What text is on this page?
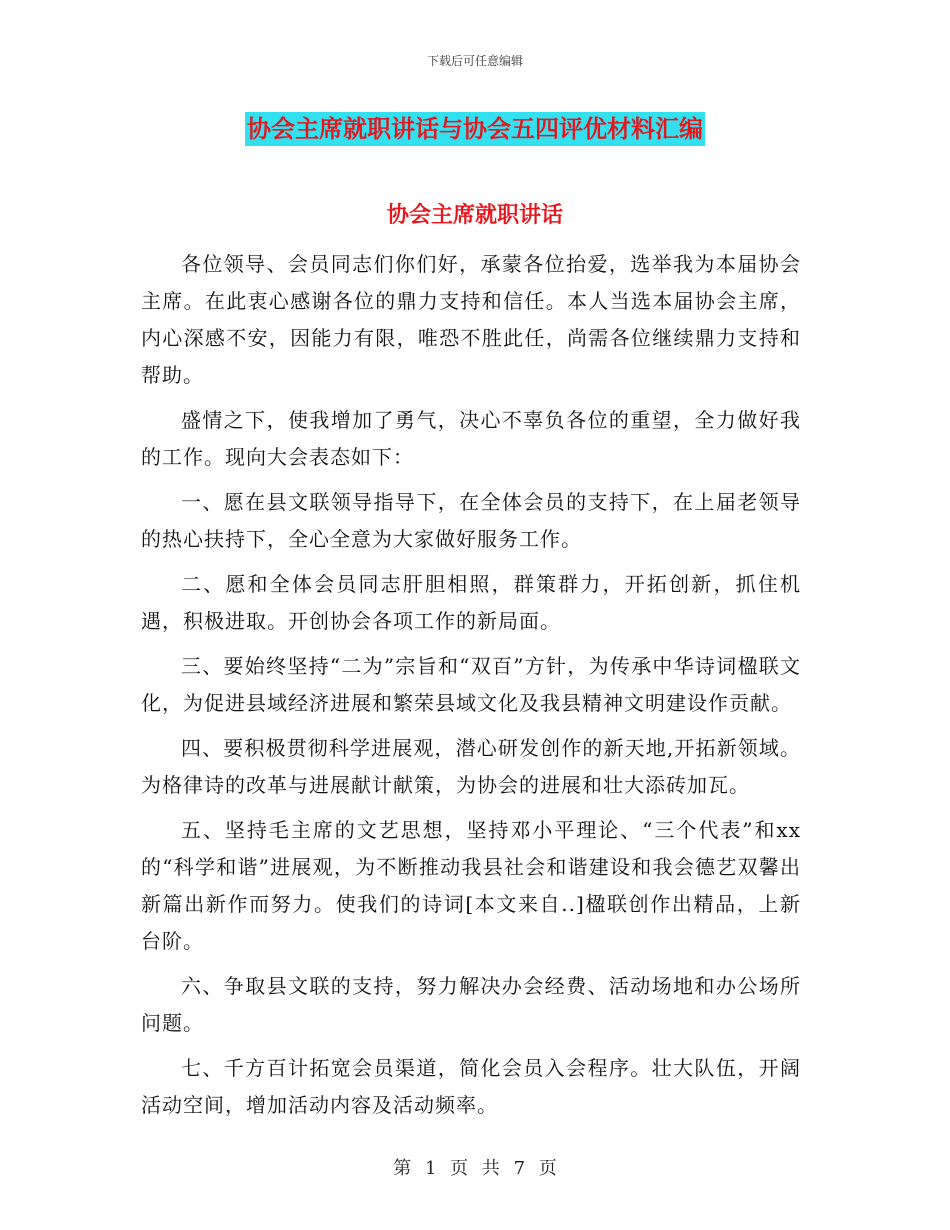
下载后可任意编辑
协会主席就职讲话与协会五四评优材料汇编
协会主席就职讲话

各位领导、会员同志们你们好，承蒙各位抬爱，选举我为本届协会主席。在此衷心感谢各位的鼎力支持和信任。本人当选本届协会主席，内心深感不安，因能力有限，唯恐不胜此任，尚需各位继续鼎力支持和帮助。

盛情之下，使我增加了勇气，决心不辜负各位的重望，全力做好我的工作。现向大会表态如下：

一、愿在县文联领导指导下，在全体会员的支持下，在上届老领导的热心扶持下，全心全意为大家做好服务工作。

二、愿和全体会员同志肝胆相照，群策群力，开拓创新，抓住机遇，积极进取。开创协会各项工作的新局面。

三、要始终坚持“二为”宗旨和“双百”方针，为传承中华诗词楹联文化，为促进县域经济进展和繁荣县域文化及我县精神文明建设作贡献。

四、要积极贯彻科学进展观，潜心研发创作的新天地,开拓新领域。为格律诗的改革与进展献计献策，为协会的进展和壮大添砖加瓦。

五、坚持毛主席的文艺思想，坚持邓小平理论、“三个代表”和xx的“科学和谐”进展观，为不断推动我县社会和谐建设和我会德艺双馨出新篇出新作而努力。使我们的诗词[本文来自..]楹联创作出精品，上新台阶。

六、争取县文联的支持，努力解决办会经费、活动场地和办公场所问题。

七、千方百计拓宽会员渠道，简化会员入会程序。壮大队伍，开阔活动空间，增加活动内容及活动频率。

第 1 页 共 7 页
